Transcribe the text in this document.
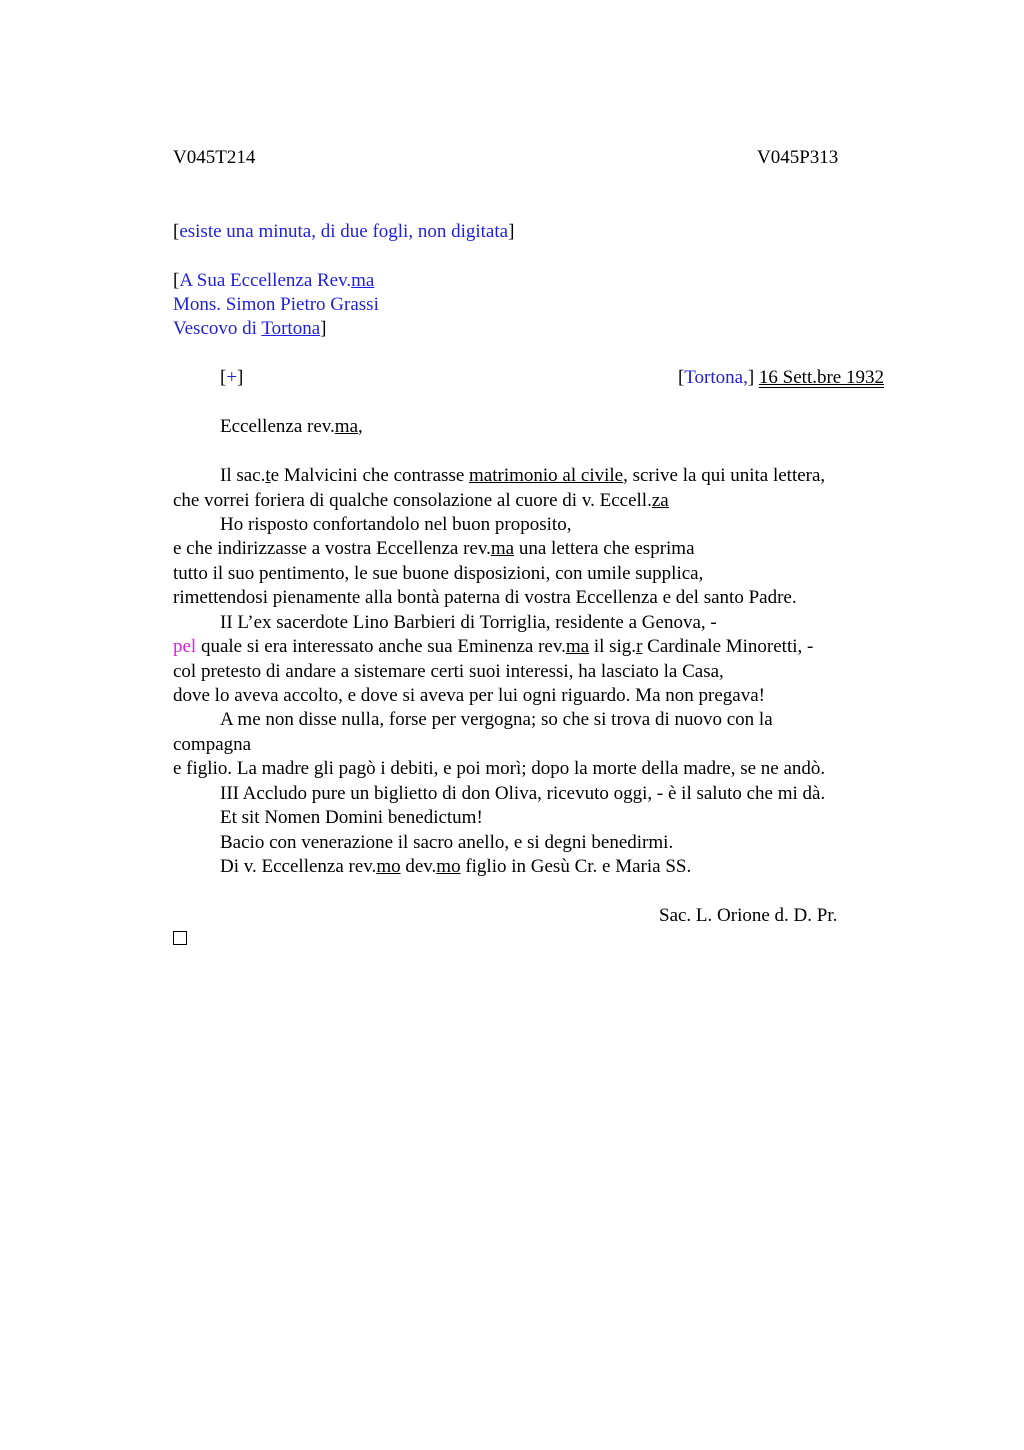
V045T214	V045P313
[esiste una minuta, di due fogli, non digitata]
[A Sua Eccellenza Rev.ma
Mons. Simon Pietro Grassi
Vescovo di Tortona]
[+]	[Tortona,] 16 Sett.bre 1932
Eccellenza rev.ma,
Il sac.te Malvicini che contrasse matrimonio al civile, scrive la qui unita lettera,
che vorrei foriera di qualche consolazione al cuore di v. Eccell.za
Ho risposto confortandolo nel buon proposito,
e che indirizzasse a vostra Eccellenza rev.ma una lettera che esprima
tutto il suo pentimento, le sue buone disposizioni, con umile supplica,
rimettendosi pienamente alla bontà paterna di vostra Eccellenza e del santo Padre.
II L’ex sacerdote Lino Barbieri di Torriglia, residente a Genova, -
pel quale si era interessato anche sua Eminenza rev.ma il sig.r Cardinale Minoretti, -
col pretesto di andare a sistemare certi suoi interessi, ha lasciato la Casa,
dove lo aveva accolto, e dove si aveva per lui ogni riguardo. Ma non pregava!
A me non disse nulla, forse per vergogna; so che si trova di nuovo con la
compagna
e figlio. La madre gli pagò i debiti, e poi morì; dopo la morte della madre, se ne andò.
III Accludo pure un biglietto di don Oliva, ricevuto oggi, - è il saluto che mi dà.
Et sit Nomen Domini benedictum!
Bacio con venerazione il sacro anello, e si degni benedirmi.
Di v. Eccellenza rev.mo dev.mo figlio in Gesù Cr. e Maria SS.
Sac. L. Orione d. D. Pr.
